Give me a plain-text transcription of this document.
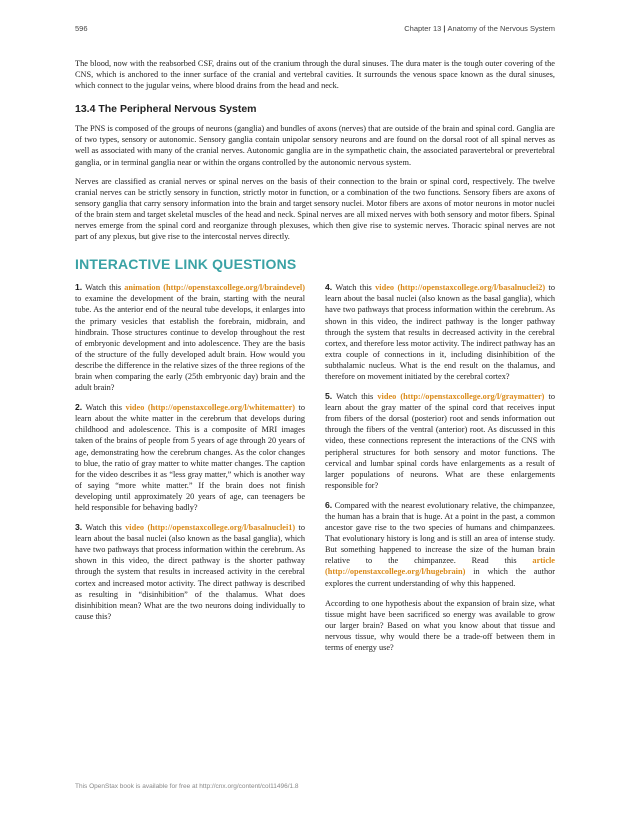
596	Chapter 13 | Anatomy of the Nervous System

The blood, now with the reabsorbed CSF, drains out of the cranium through the dural sinuses. The dura mater is the tough outer covering of the CNS, which is anchored to the inner surface of the cranial and vertebral cavities. It surrounds the venous space known as the dural sinuses, which connect to the jugular veins, where blood drains from the head and neck.

13.4 The Peripheral Nervous System

The PNS is composed of the groups of neurons (ganglia) and bundles of axons (nerves) that are outside of the brain and spinal cord. Ganglia are of two types, sensory or autonomic. Sensory ganglia contain unipolar sensory neurons and are found on the dorsal root of all spinal nerves as well as associated with many of the cranial nerves. Autonomic ganglia are in the sympathetic chain, the associated paravertebral or prevertebral ganglia, or in terminal ganglia near or within the organs controlled by the autonomic nervous system.

Nerves are classified as cranial nerves or spinal nerves on the basis of their connection to the brain or spinal cord, respectively. The twelve cranial nerves can be strictly sensory in function, strictly motor in function, or a combination of the two functions. Sensory fibers are axons of sensory ganglia that carry sensory information into the brain and target sensory nuclei. Motor fibers are axons of motor neurons in motor nuclei of the brain stem and target skeletal muscles of the head and neck. Spinal nerves are all mixed nerves with both sensory and motor fibers. Spinal nerves emerge from the spinal cord and reorganize through plexuses, which then give rise to systemic nerves. Thoracic spinal nerves are not part of any plexus, but give rise to the intercostal nerves directly.

INTERACTIVE LINK QUESTIONS

1. Watch this animation (http://openstaxcollege.org/l/braindevel) to examine the development of the brain, starting with the neural tube. As the anterior end of the neural tube develops, it enlarges into the primary vesicles that establish the forebrain, midbrain, and hindbrain. Those structures continue to develop throughout the rest of embryonic development and into adolescence. They are the basis of the structure of the fully developed adult brain. How would you describe the difference in the relative sizes of the three regions of the brain when comparing the early (25th embryonic day) brain and the adult brain?

2. Watch this video (http://openstaxcollege.org/l/whitematter) to learn about the white matter in the cerebrum that develops during childhood and adolescence. This is a composite of MRI images taken of the brains of people from 5 years of age through 20 years of age, demonstrating how the cerebrum changes. As the color changes to blue, the ratio of gray matter to white matter changes. The caption for the video describes it as “less gray matter,” which is another way of saying “more white matter.” If the brain does not finish developing until approximately 20 years of age, can teenagers be held responsible for behaving badly?

3. Watch this video (http://openstaxcollege.org/l/basalnuclei1) to learn about the basal nuclei (also known as the basal ganglia), which have two pathways that process information within the cerebrum. As shown in this video, the direct pathway is the shorter pathway through the system that results in increased activity in the cerebral cortex and increased motor activity. The direct pathway is described as resulting in “disinhibition” of the thalamus. What does disinhibition mean? What are the two neurons doing individually to cause this?

4. Watch this video (http://openstaxcollege.org/l/basalnuclei2) to learn about the basal nuclei (also known as the basal ganglia), which have two pathways that process information within the cerebrum. As shown in this video, the indirect pathway is the longer pathway through the system that results in decreased activity in the cerebral cortex, and therefore less motor activity. The indirect pathway has an extra couple of connections in it, including disinhibition of the subthalamic nucleus. What is the end result on the thalamus, and therefore on movement initiated by the cerebral cortex?

5. Watch this video (http://openstaxcollege.org/l/graymatter) to learn about the gray matter of the spinal cord that receives input from fibers of the dorsal (posterior) root and sends information out through the fibers of the ventral (anterior) root. As discussed in this video, these connections represent the interactions of the CNS with peripheral structures for both sensory and motor functions. The cervical and lumbar spinal cords have enlargements as a result of larger populations of neurons. What are these enlargements responsible for?

6. Compared with the nearest evolutionary relative, the chimpanzee, the human has a brain that is huge. At a point in the past, a common ancestor gave rise to the two species of humans and chimpanzees. That evolutionary history is long and is still an area of intense study. But something happened to increase the size of the human brain relative to the chimpanzee. Read this article (http://openstaxcollege.org/l/hugebrain) in which the author explores the current understanding of why this happened.

According to one hypothesis about the expansion of brain size, what tissue might have been sacrificed so energy was available to grow our larger brain? Based on what you know about that tissue and nervous tissue, why would there be a trade-off between them in terms of energy use?

This OpenStax book is available for free at http://cnx.org/content/col11496/1.8
